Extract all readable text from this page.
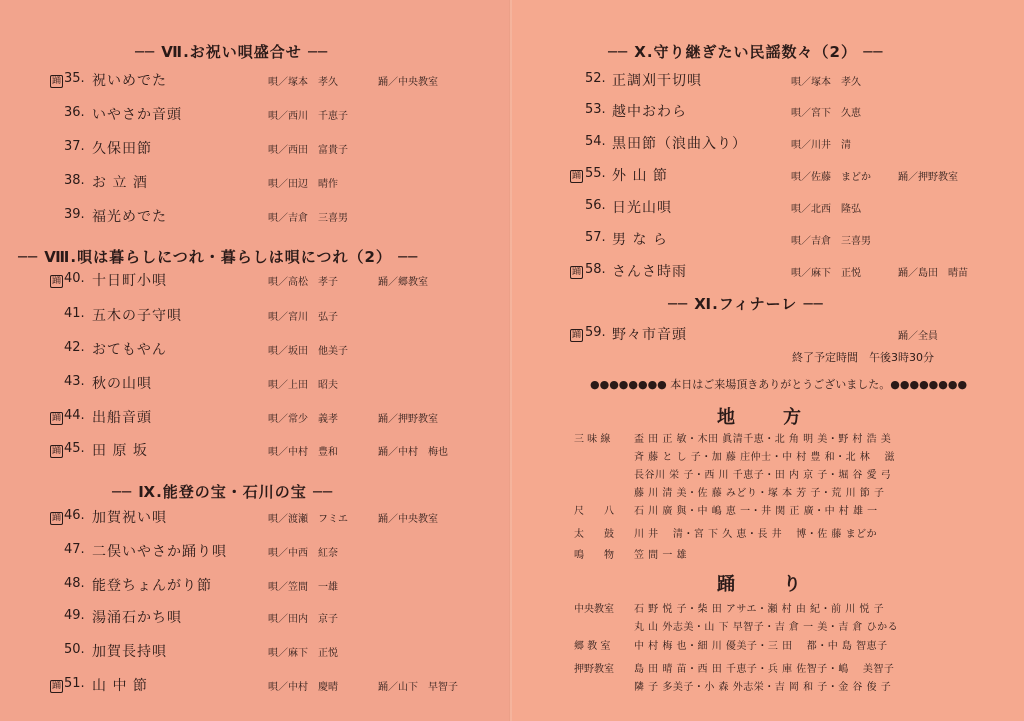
── Ⅶ.お祝い唄盛合せ ──
── Ⅷ.唄は暮らしにつれ・暮らしは唄につれ（2） ──
── Ⅸ.能登の宝・石川の宝 ──
踊 35. 祝いめでた	唄／塚本　孝久	踊／中央教室
36. いやさか音頭	唄／西川　千恵子
37. 久保田節	唄／西田　富貴子
38. お 立 酒	唄／田辺　晴作
39. 福光めでた	唄／吉倉　三喜男
踊 40. 十日町小唄	唄／高松　孝子	踊／郷教室
41. 五木の子守唄	唄／宮川　弘子
42. おてもやん	唄／坂田　他美子
43. 秋の山唄	唄／上田　昭夫
踊 44. 出船音頭	唄／常少　義孝	踊／押野教室
踊 45. 田 原 坂	唄／中村　豊和	踊／中村　梅也
踊 46. 加賀祝い唄	唄／渡瀬　フミエ	踊／中央教室
47. 二俣いやさか踊り唄	唄／中西　紅奈
48. 能登ちょんがり節	唄／笠間　一雄
49. 湯涌石かち唄	唄／田内　京子
50. 加賀長持唄	唄／麻下　正悦
踊 51. 山 中 節	唄／中村　慶晴	踊／山下　早智子
── Ⅹ.守り継ぎたい民謡数々（2） ──
── Ⅺ.フィナーレ ──
終了予定時間　午後3時30分
●●●●●●●● 本日はご来場頂きありがとうございました。●●●●●●●●
地　　方
踊　　り
52. 正調刈干切唄	唄／塚本　孝久
53. 越中おわら	唄／宮下　久恵
54. 黒田節（浪曲入り）	唄／川井　清
踊 55. 外 山 節	唄／佐藤　まどか	踊／押野教室
56. 日光山唄	唄／北西　隆弘
57. 男 な ら	唄／吉倉　三喜男
踊 58. さんさ時雨	唄／麻下　正悦	踊／島田　晴苗
踊 59. 野々市音頭	踊／全員
三 味 線 盃 田 正 敏・木田 眞清千恵・北 角 明 美・野 村 浩 美
斉 藤 と し 子・加 藤 庄仲士・中 村 豊 和・北 林　 滋
長谷川 栄 子・西 川 千恵子・田 内 京 子・堀 谷 愛 弓
藤 川 清 美・佐 藤 みどり・塚 本 芳 子・荒 川 節 子
尺　　八 石 川 廣 與・中 嶋 恵 一・井 関 正 廣・中 村 雄 一
太　　鼓 川 井　 清・宮 下 久 恵・長 井　 博・佐 藤 まどか
鳴　　物 笠 間 一 雄
中央教室 石 野 悦 子・柴 田 アサエ・瀬 村 由 紀・前 川 悦 子
丸 山 外志美・山 下 早智子・吉 倉 一 美・吉 倉 ひかる
郷 教 室 中 村 梅 也・細 川 優美子・三 田　 都・中 島 智恵子
押野教室 島 田 晴 苗・西 田 千恵子・兵 庫 佐智子・嶋　 美智子
隣 子 多美子・小 森 外志栄・吉 岡 和 子・金 谷 俊 子
